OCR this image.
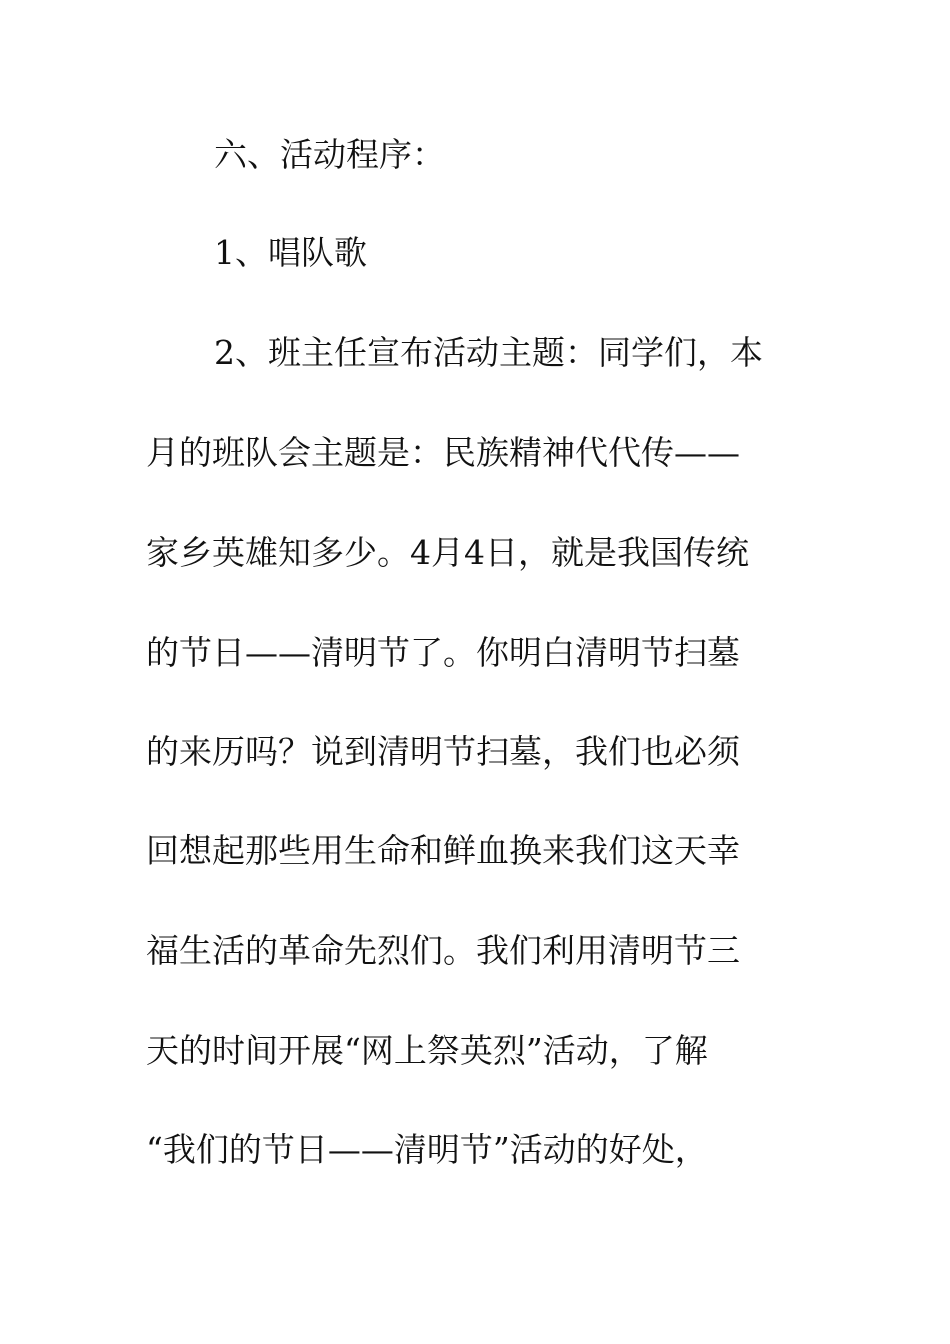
六、活动程序：
1、唱队歌
2、班主任宣布活动主题：同学们，本
月的班队会主题是：民族精神代代传——
家乡英雄知多少。4月4日，就是我国传统
的节日——清明节了。你明白清明节扫墓
的来历吗？说到清明节扫墓，我们也必须
回想起那些用生命和鲜血换来我们这天幸
福生活的革命先烈们。我们利用清明节三
天的时间开展“网上祭英烈”活动，了解
“我们的节日——清明节”活动的好处，
